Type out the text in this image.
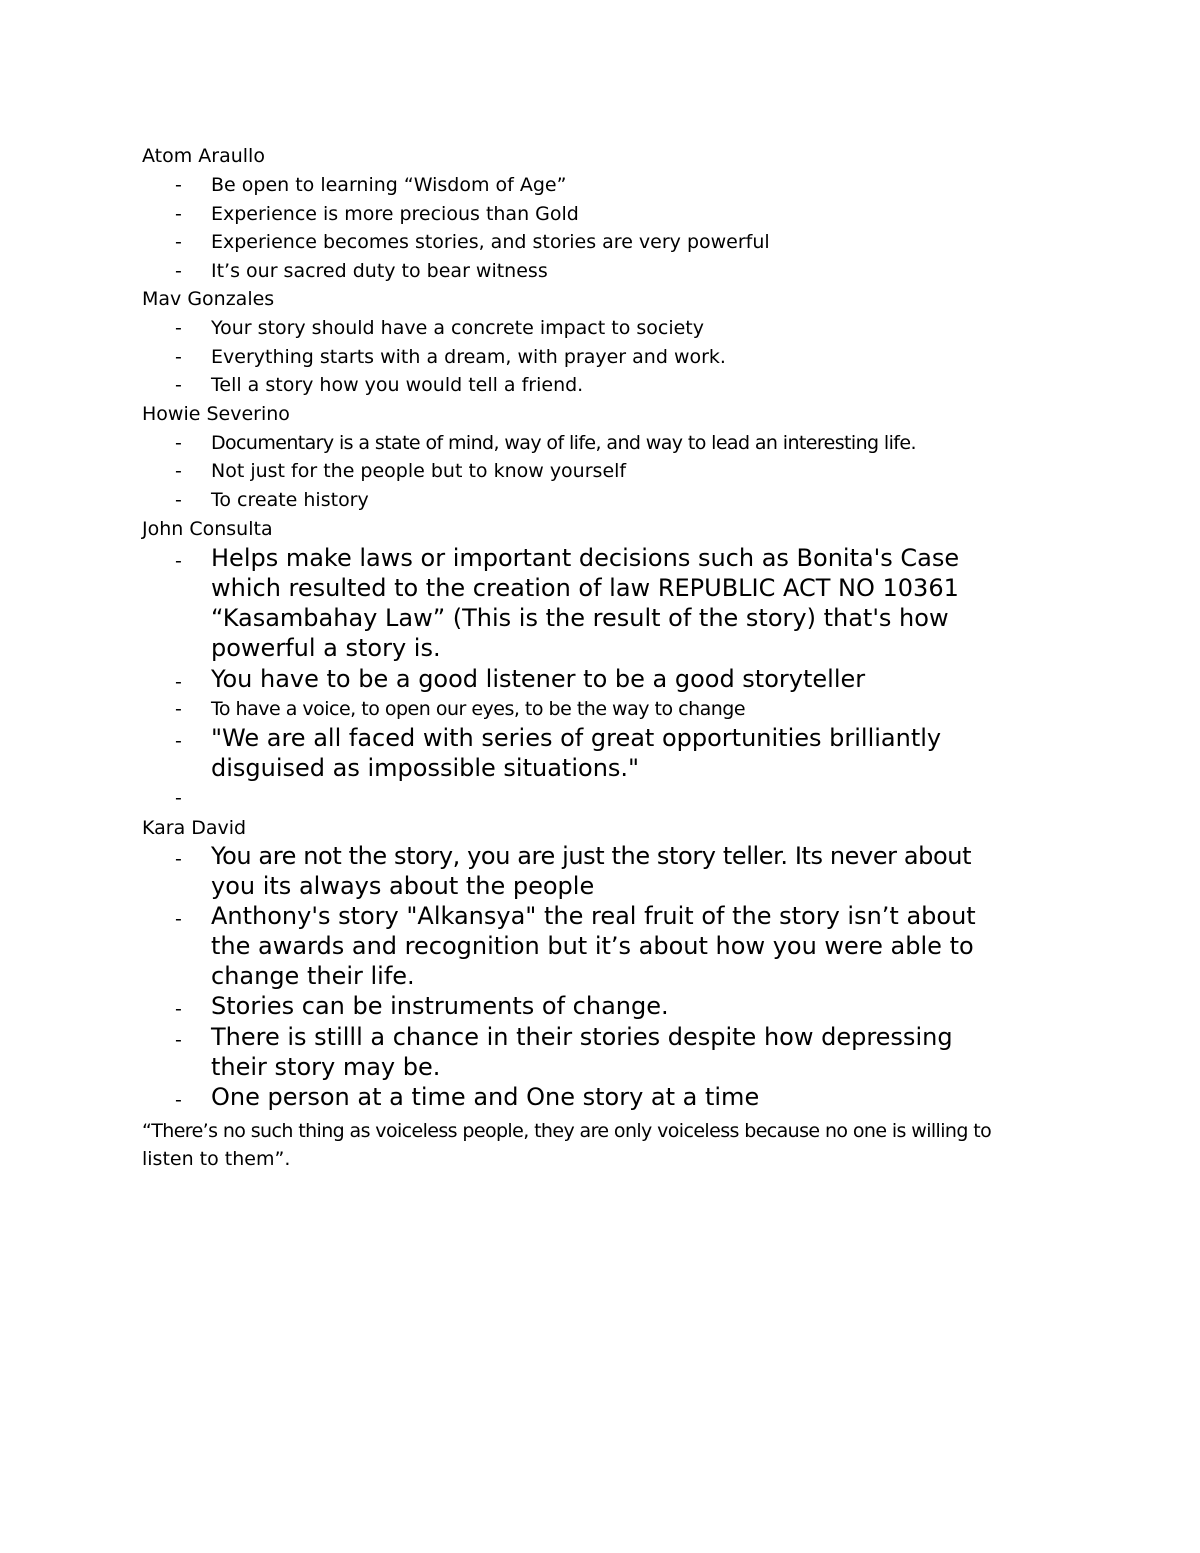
Atom Araullo
- Be open to learning “Wisdom of Age”
- Experience is more precious than Gold
- Experience becomes stories, and stories are very powerful
- It’s our sacred duty to bear witness
Mav Gonzales
- Your story should have a concrete impact to society
- Everything starts with a dream, with prayer and work.
- Tell a story how you would tell a friend.
Howie Severino
- Documentary is a state of mind, way of life, and way to lead an interesting life.
- Not just for the people but to know yourself
- To create history
John Consulta
- Helps make laws or important decisions such as Bonita's Case
which resulted to the creation of law REPUBLIC ACT NO 10361
“Kasambahay Law” (This is the result of the story) that's how
powerful a story is.
- You have to be a good listener to be a good storyteller
- To have a voice, to open our eyes, to be the way to change
- "We are all faced with series of great opportunities brilliantly
disguised as impossible situations."
-
Kara David
- You are not the story, you are just the story teller. Its never about
you its always about the people
- Anthony's story "Alkansya" the real fruit of the story isn’t about
the awards and recognition but it’s about how you were able to
change their life.
- Stories can be instruments of change.
- There is stilll a chance in their stories despite how depressing
their story may be.
- One person at a time and One story at a time
“There’s no such thing as voiceless people, they are only voiceless because no one is willing to
listen to them”.
